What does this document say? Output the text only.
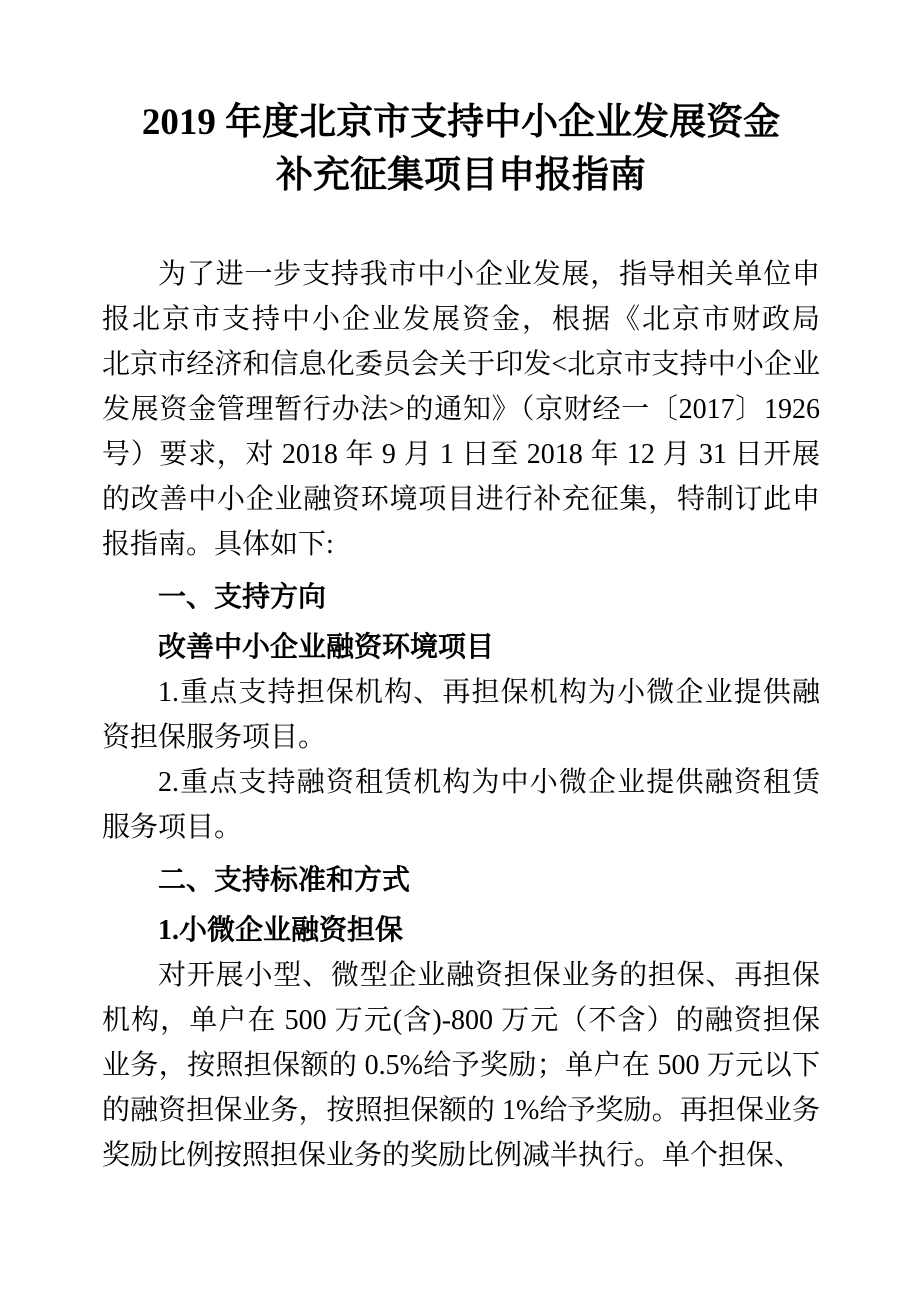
2019 年度北京市支持中小企业发展资金
补充征集项目申报指南

为了进一步支持我市中小企业发展，指导相关单位申报北京市支持中小企业发展资金，根据《北京市财政局　北京市经济和信息化委员会关于印发<北京市支持中小企业发展资金管理暂行办法>的通知》（京财经一〔2017〕1926 号）要求，对 2018 年 9 月 1 日至 2018 年 12 月 31 日开展的改善中小企业融资环境项目进行补充征集，特制订此申报指南。具体如下:

一、支持方向

改善中小企业融资环境项目

1.重点支持担保机构、再担保机构为小微企业提供融资担保服务项目。

2.重点支持融资租赁机构为中小微企业提供融资租赁服务项目。

二、支持标准和方式

1.小微企业融资担保

对开展小型、微型企业融资担保业务的担保、再担保机构，单户在 500 万元(含)-800 万元（不含）的融资担保业务，按照担保额的 0.5%给予奖励；单户在 500 万元以下的融资担保业务，按照担保额的 1%给予奖励。再担保业务奖励比例按照担保业务的奖励比例减半执行。单个担保、
